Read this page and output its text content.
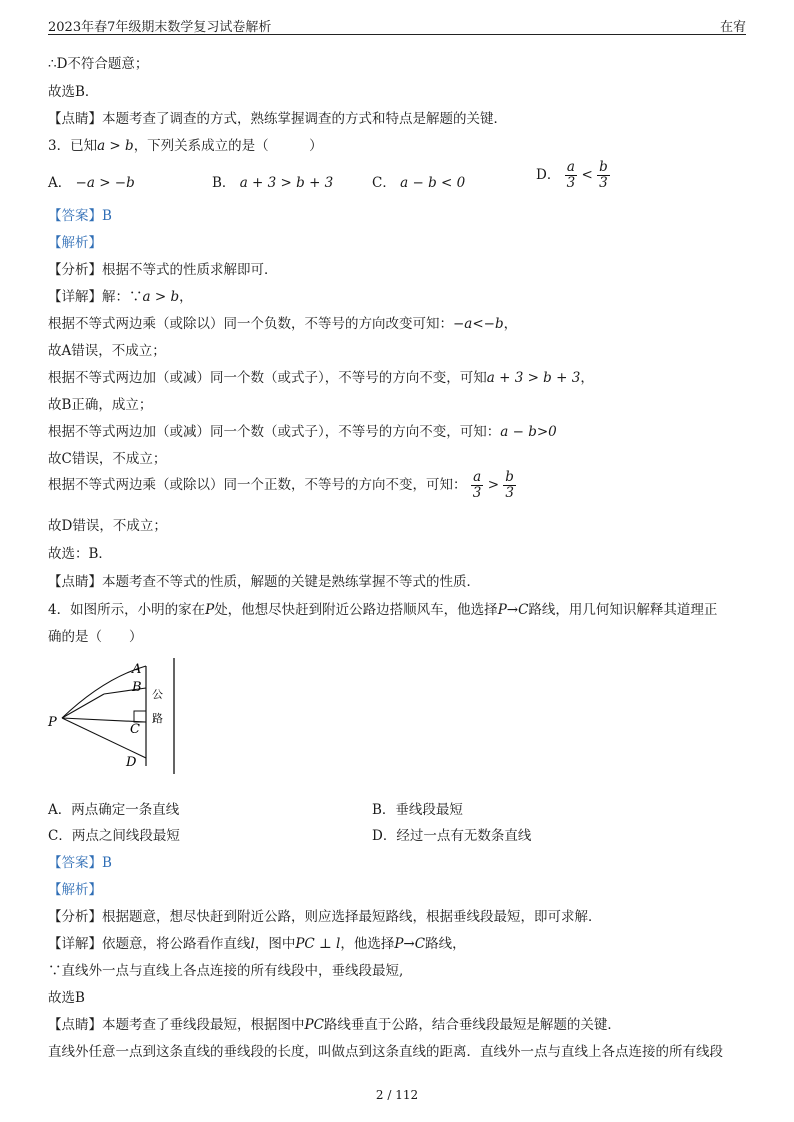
2023年春7年级期末数学复习试卷解析	在宥
∴D不符合题意；
故选B．
【点睛】本题考查了调查的方式，熟练掌握调查的方式和特点是解题的关键．
3．已知a > b，下列关系成立的是（　　　）
A． −a > −b	B． a + 3 > b + 3	C． a − b < 0	D． $\frac{a}{3} < \frac{b}{3}$
【答案】B
【解析】
【分析】根据不等式的性质求解即可．
【详解】解：∵a > b，
根据不等式两边乘（或除以）同一个负数，不等号的方向改变可知：−a<−b，
故A错误，不成立；
根据不等式两边加（或减）同一个数（或式子），不等号的方向不变，可知a + 3 > b + 3，
故B正确，成立；
根据不等式两边加（或减）同一个数（或式子），不等号的方向不变，可知：a − b>0
故C错误，不成立；
根据不等式两边乘（或除以）同一个正数，不等号的方向不变，可知： $\frac{a}{3} > \frac{b}{3}$
故D错误，不成立；
故选：B．
【点睛】本题考查不等式的性质，解题的关键是熟练掌握不等式的性质．
4．如图所示，小明的家在P处，他想尽快赶到附近公路边搭顺风车，他选择P→C路线，用几何知识解释其道理正
确的是（　　）
A
B
C
D
P
公
路
A．两点确定一条直线	B．垂线段最短
C．两点之间线段最短	D．经过一点有无数条直线
【答案】B
【解析】
【分析】根据题意，想尽快赶到附近公路，则应选择最短路线，根据垂线段最短，即可求解．
【详解】依题意，将公路看作直线l，图中PC ⊥ l，他选择P→C路线，
∵直线外一点与直线上各点连接的所有线段中，垂线段最短,
故选B
【点睛】本题考查了垂线段最短，根据图中PC路线垂直于公路，结合垂线段最短是解题的关键．
直线外任意一点到这条直线的垂线段的长度，叫做点到这条直线的距离．直线外一点与直线上各点连接的所有线段
2 / 112
